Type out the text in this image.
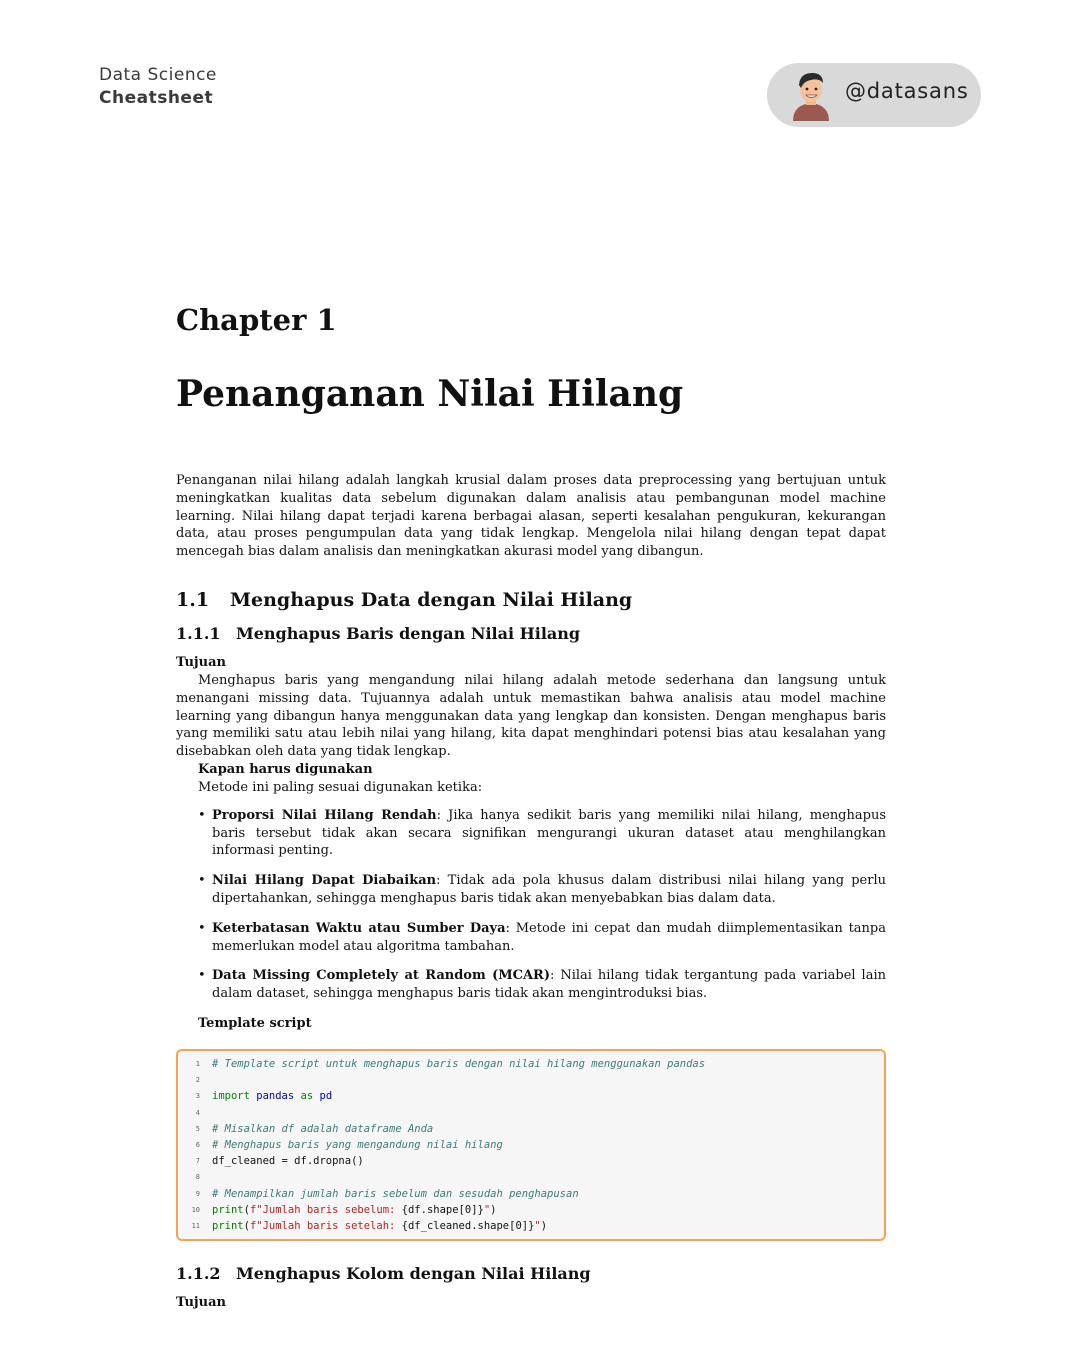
Data Science
Cheatsheet	@datasans
Chapter 1
Penanganan Nilai Hilang

Penanganan nilai hilang adalah langkah krusial dalam proses data preprocessing yang bertujuan untuk meningkatkan kualitas data sebelum digunakan dalam analisis atau pembangunan model machine learning. Nilai hilang dapat terjadi karena berbagai alasan, seperti kesalahan pengukuran, kekurangan data, atau proses pengumpulan data yang tidak lengkap. Mengelola nilai hilang dengan tepat dapat mencegah bias dalam analisis dan meningkatkan akurasi model yang dibangun.

1.1 Menghapus Data dengan Nilai Hilang
1.1.1 Menghapus Baris dengan Nilai Hilang
Tujuan

Menghapus baris yang mengandung nilai hilang adalah metode sederhana dan langsung untuk menangani missing data. Tujuannya adalah untuk memastikan bahwa analisis atau model machine learning yang dibangun hanya menggunakan data yang lengkap dan konsisten. Dengan menghapus baris yang memiliki satu atau lebih nilai yang hilang, kita dapat menghindari potensi bias atau kesalahan yang disebabkan oleh data yang tidak lengkap.

Kapan harus digunakan

Metode ini paling sesuai digunakan ketika:

• Proporsi Nilai Hilang Rendah: Jika hanya sedikit baris yang memiliki nilai hilang, menghapus baris tersebut tidak akan secara signifikan mengurangi ukuran dataset atau menghilangkan informasi penting.
• Nilai Hilang Dapat Diabaikan: Tidak ada pola khusus dalam distribusi nilai hilang yang perlu dipertahankan, sehingga menghapus baris tidak akan menyebabkan bias dalam data.
• Keterbatasan Waktu atau Sumber Daya: Metode ini cepat dan mudah diimplementasikan tanpa memerlukan model atau algoritma tambahan.
• Data Missing Completely at Random (MCAR): Nilai hilang tidak tergantung pada variabel lain dalam dataset, sehingga menghapus baris tidak akan mengintroduksi bias.
Template script
1	# Template script untuk menghapus baris dengan nilai hilang menggunakan pandas
2
3	import pandas as pd
4
5	# Misalkan df adalah dataframe Anda
6	# Menghapus baris yang mengandung nilai hilang
7	df_cleaned = df.dropna()
8
9	# Menampilkan jumlah baris sebelum dan sesudah penghapusan
10	print(f"Jumlah baris sebelum: {df.shape[0]}")
11	print(f"Jumlah baris setelah: {df_cleaned.shape[0]}")
1.1.2 Menghapus Kolom dengan Nilai Hilang
Tujuan
